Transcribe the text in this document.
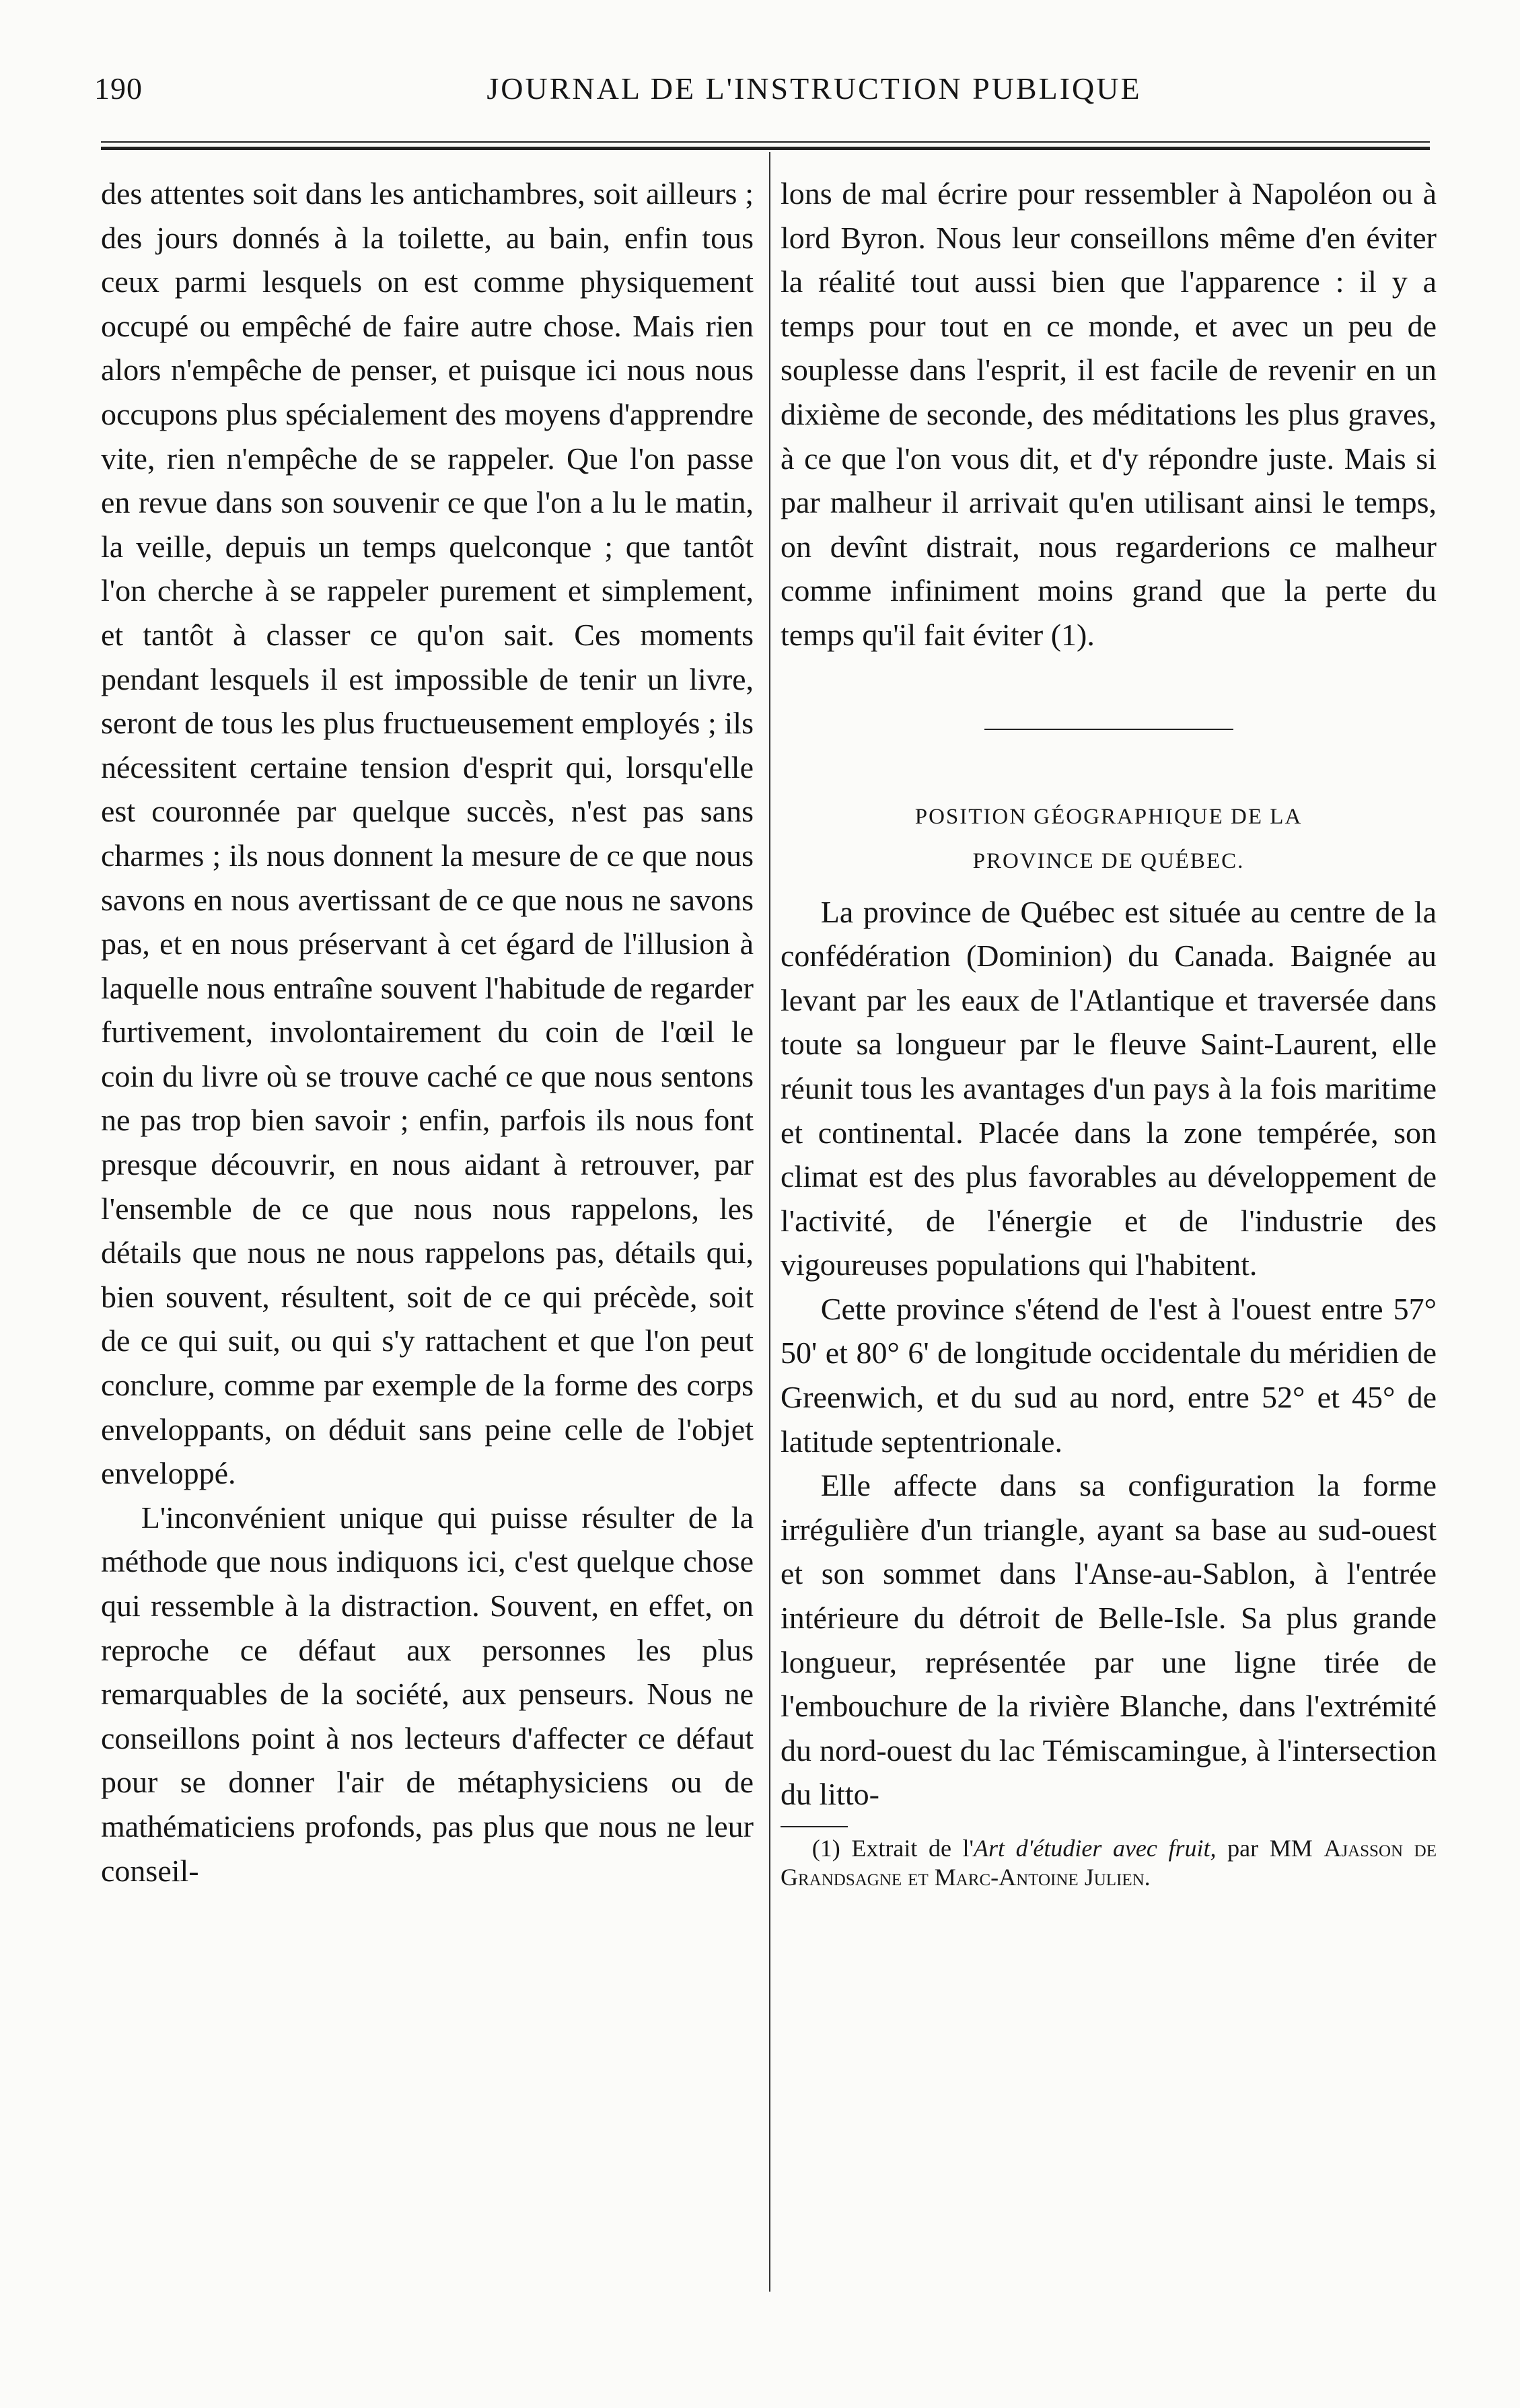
190	JOURNAL DE L'INSTRUCTION PUBLIQUE

des attentes soit dans les antichambres, soit ailleurs ; des jours donnés à la toilette, au bain, enfin tous ceux parmi lesquels on est comme physiquement occupé ou empêché de faire autre chose. Mais rien alors n'empêche de penser, et puisque ici nous nous occupons plus spécialement des moyens d'apprendre vite, rien n'empêche de se rappeler. Que l'on passe en revue dans son souvenir ce que l'on a lu le matin, la veille, depuis un temps quelconque ; que tantôt l'on cherche à se rappeler purement et simplement, et tantôt à classer ce qu'on sait. Ces moments pendant lesquels il est impossible de tenir un livre, seront de tous les plus fructueusement employés ; ils nécessitent certaine tension d'esprit qui, lorsqu'elle est couronnée par quelque succès, n'est pas sans charmes ; ils nous donnent la mesure de ce que nous savons en nous avertissant de ce que nous ne savons pas, et en nous préservant à cet égard de l'illusion à laquelle nous entraîne souvent l'habitude de regarder furtivement, involontairement du coin de l'œil le coin du livre où se trouve caché ce que nous sentons ne pas trop bien savoir ; enfin, parfois ils nous font presque découvrir, en nous aidant à retrouver, par l'ensemble de ce que nous nous rappelons, les détails que nous ne nous rappelons pas, détails qui, bien souvent, résultent, soit de ce qui précède, soit de ce qui suit, ou qui s'y rattachent et que l'on peut conclure, comme par exemple de la forme des corps enveloppants, on déduit sans peine celle de l'objet enveloppé.

L'inconvénient unique qui puisse résulter de la méthode que nous indiquons ici, c'est quelque chose qui ressemble à la distraction. Souvent, en effet, on reproche ce défaut aux personnes les plus remarquables de la société, aux penseurs. Nous ne conseillons point à nos lecteurs d'affecter ce défaut pour se donner l'air de métaphysiciens ou de mathématiciens profonds, pas plus que nous ne leur conseil-

lons de mal écrire pour ressembler à Napoléon ou à lord Byron. Nous leur conseillons même d'en éviter la réalité tout aussi bien que l'apparence : il y a temps pour tout en ce monde, et avec un peu de souplesse dans l'esprit, il est facile de revenir en un dixième de seconde, des méditations les plus graves, à ce que l'on vous dit, et d'y répondre juste. Mais si par malheur il arrivait qu'en utilisant ainsi le temps, on devînt distrait, nous regarderions ce malheur comme infiniment moins grand que la perte du temps qu'il fait éviter (1).

POSITION GÉOGRAPHIQUE DE LA
PROVINCE DE QUÉBEC.

La province de Québec est située au centre de la confédération (Dominion) du Canada. Baignée au levant par les eaux de l'Atlantique et traversée dans toute sa longueur par le fleuve Saint-Laurent, elle réunit tous les avantages d'un pays à la fois maritime et continental. Placée dans la zone tempérée, son climat est des plus favorables au développement de l'activité, de l'énergie et de l'industrie des vigoureuses populations qui l'habitent.

Cette province s'étend de l'est à l'ouest entre 57° 50' et 80° 6' de longitude occidentale du méridien de Greenwich, et du sud au nord, entre 52° et 45° de latitude septentrionale.

Elle affecte dans sa configuration la forme irrégulière d'un triangle, ayant sa base au sud-ouest et son sommet dans l'Anse-au-Sablon, à l'entrée intérieure du détroit de Belle-Isle. Sa plus grande longueur, représentée par une ligne tirée de l'embouchure de la rivière Blanche, dans l'extrémité du nord-ouest du lac Témiscamingue, à l'intersection du litto-

(1) Extrait de l'Art d'étudier avec fruit, par MM Ajasson de Grandsagne et Marc-Antoine Julien.
